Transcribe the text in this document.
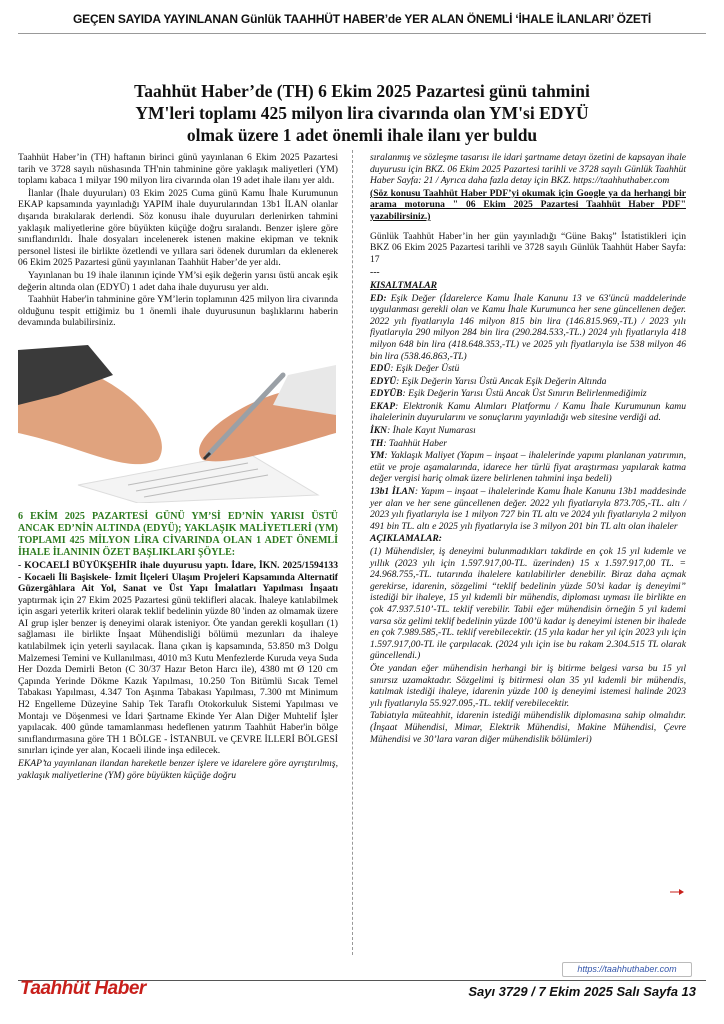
GEÇEN SAYIDA YAYINLANAN Günlük TAAHHÜT HABER’de YER ALAN ÖNEMLİ ‘İHALE İLANLARI’ ÖZETİ
Taahhüt Haber’de (TH) 6 Ekim 2025 Pazartesi günü tahmini
YM'leri toplamı 425 milyon lira civarında olan YM'si EDYÜ
olmak üzere 1 adet önemli ihale ilanı yer buldu

Taahhüt Haber’in (TH) haftanın birinci günü yayınlanan 6 Ekim 2025 Pazartesi tarih ve 3728 sayılı nüshasında TH'nin tahminine göre yaklaşık maliyetleri (YM) toplamı kabaca 1 milyar 190 milyon lira civarında olan 19 adet ihale ilanı yer aldı.

İlanlar (İhale duyuruları) 03 Ekim 2025 Cuma günü Kamu İhale Kurumunun EKAP kapsamında yayınladığı YAPIM ihale duyurularından 13b1 İLAN olanlar dışarıda bırakılarak derlendi. Söz konusu ihale duyuruları derlenirken tahmini yaklaşık maliyetlerine göre büyükten küçüğe doğru sıralandı. Benzer işlere göre sınıflandırıldı. İhale dosyaları incelenerek istenen makine ekipman ve teknik personel listesi ile birlikte özetlendi ve yıllara sari ödenek durumları da eklenerek 06 Ekim 2025 Pazartesi günü yayınlanan Taahhüt Haber’de yer aldı.

Yayınlanan bu 19 ihale ilanının içinde YM’si eşik değerin yarısı üstü ancak eşik değerin altında olan (EDYÜ) 1 adet daha ihale duyurusu yer aldı.

Taahhüt Haber'in tahminine göre YM’lerin toplamının 425 milyon lira civarında olduğunu tespit ettiğimiz bu 1 önemli ihale duyurusunun başlıklarını haberin devamında bulabilirsiniz.

6 EKİM 2025 PAZARTESİ GÜNÜ YM’Sİ ED’NİN YARISI ÜSTÜ ANCAK ED’NİN ALTINDA (EDYÜ); YAKLAŞIK MALİYETLERİ (YM) TOPLAMI 425 MİLYON LİRA CİVARINDA OLAN 1 ADET ÖNEMLİ İHALE İLANININ ÖZET BAŞLIKLARI ŞÖYLE:

- KOCAELİ BÜYÜKŞEHİR ihale duyurusu yaptı. İdare, İKN. 2025/1594133 - Kocaeli İli Başiskele- İzmit İlçeleri Ulaşım Projeleri Kapsamında Alternatif Güzergâhlara Ait Yol, Sanat ve Üst Yapı İmalatları Yapılması İnşaatı yaptırmak için 27 Ekim 2025 Pazartesi günü teklifleri alacak. İhaleye katılabilmek için asgari yeterlik kriteri olarak teklif bedelinin yüzde 80 'inden az olmamak üzere AI grup işler benzer iş deneyimi olarak isteniyor. Öte yandan gerekli koşulları (1) sağlaması ile birlikte İnşaat Mühendisliği bölümü mezunları da ihaleye katılabilmek için yeterli sayılacak. İlana çıkan iş kapsamında, 53.850 m3 Dolgu Malzemesi Temini ve Kullanılması, 4010 m3 Kutu Menfezlerde Kuruda veya Suda Her Dozda Demirli Beton (C 30/37 Hazır Beton Harcı ile), 4380 mt Ø 120 cm Çapında Yerinde Dökme Kazık Yapılması, 10.250 Ton Bitümlü Sıcak Temel Tabakası Yapılması, 4.347 Ton Aşınma Tabakası Yapılması, 7.300 mt Minimum H2 Engelleme Düzeyine Sahip Tek Taraflı Otokorkuluk Sistemi Yapılması ve Montajı ve Döşenmesi ve İdari Şartname Ekinde Yer Alan Diğer Muhtelif İşler yapılacak. 400 günde tamamlanması hedeflenen yatırım Taahhüt Haber'in bölge sınıflandırmasına göre TH 1 BÖLGE - İSTANBUL ve ÇEVRE İLLERİ BÖLGESİ sınırları içinde yer alan, Kocaeli ilinde inşa edilecek.

EKAP’ta yayınlanan ilandan hareketle benzer işlere ve idarelere göre ayrıştırılmış, yaklaşık maliyetlerine (YM) göre büyükten küçüğe doğru

sıralanmış ve sözleşme tasarısı ile idari şartname detayı özetini de kapsayan ihale duyurusu için BKZ. 06 Ekim 2025 Pazartesi tarihli ve 3728 sayılı Günlük Taahhüt Haber Sayfa: 21 / Ayrıca daha fazla detay için BKZ. https://taahhuthaber.com

(Söz konusu Taahhüt Haber PDF’yi okumak için Google ya da herhangi bir arama motoruna " 06 Ekim 2025 Pazartesi Taahhüt Haber PDF" yazabilirsiniz.)

Günlük Taahhüt Haber’in her gün yayınladığı “Güne Bakış” İstatistikleri için BKZ 06 Ekim 2025 Pazartesi tarihli ve 3728 sayılı Günlük Taahhüt Haber Sayfa: 17

---

KISALTMALAR

ED: Eşik Değer (İdarelerce Kamu İhale Kanunu 13 ve 63'üncü maddelerinde uygulanması gerekli olan ve Kamu İhale Kurumunca her sene güncellenen değer. 2022 yılı fiyatlarıyla 146 milyon 815 bin lira (146.815.969,-TL) / 2023 yılı fiyatlarıyla 290 milyon 284 bin lira (290.284.533,-TL.) 2024 yılı fiyatlarıyla 418 milyon 648 bin lira (418.648.353,-TL) ve 2025 yılı fiyatlarıyla ise 538 milyon 46 bin lira (538.46.863,-TL)

EDÜ: Eşik Değer Üstü

EDYÜ: Eşik Değerin Yarısı Üstü Ancak Eşik Değerin Altında

EDYÜB: Eşik Değerin Yarısı Üstü Ancak Üst Sınırın Belirlenmediğimiz

EKAP: Elektronik Kamu Alımları Platformu / Kamu İhale Kurumunun kamu ihalelerinin duyurularını ve sonuçlarını yayınladığı web sitesine verdiği ad.

İKN: İhale Kayıt Numarası

TH: Taahhüt Haber

YM: Yaklaşık Maliyet (Yapım – inşaat – ihalelerinde yapımı planlanan yatırımın, etüt ve proje aşamalarında, idarece her türlü fiyat araştırması yapılarak katma değer vergisi hariç olmak üzere belirlenen tahmini inşa bedeli)

13b1 İLAN: Yapım – inşaat – ihalelerinde Kamu İhale Kanunu 13b1 maddesinde yer alan ve her sene güncellenen değer. 2022 yılı fiyatlarıyla 873.705,-TL. altı / 2023 yılı fiyatlarıyla ise 1 milyon 727 bin TL altı ve 2024 yılı fiyatlarıyla 2 milyon 491 bin TL. altı e 2025 yılı fiyatlarıyla ise 3 milyon 201 bin TL altı olan ihaleler

AÇIKLAMALAR:

(1) Mühendisler, iş deneyimi bulunmadıkları takdirde en çok 15 yıl kıdemle ve yıllık (2023 yılı için 1.597.917,00-TL. üzerinden) 15 x 1.597.917,00 TL. = 24.968.755,-TL. tutarında ihalelere katılabilirler denebilir. Biraz daha açmak gerekirse, idarenin, sözgelimi “teklif bedelinin yüzde 50’si kadar iş deneyimi” istediği bir ihaleye, 15 yıl kıdemli bir mühendis, diploması uyması ile birlikte en çok 47.937.510’-TL. teklif verebilir. Tabii eğer mühendisin örneğin 5 yıl kıdemi varsa söz gelimi teklif bedelinin yüzde 100’ü kadar iş deneyimi istenen bir ihalede en çok 7.989.585,-TL. teklif verebilecektir. (15 yıla kadar her yıl için 2023 yılı için 1.597.917,00-TL ile çarpılacak. (2024 yılı için ise bu rakam 2.304.515 TL olarak güncellendi.)

Öte yandan eğer mühendisin herhangi bir iş bitirme belgesi varsa bu 15 yıl sınırsız uzamaktadır. Sözgelimi iş bitirmesi olan 35 yıl kıdemli bir mühendis, katılmak istediği ihaleye, idarenin yüzde 100 iş deneyimi istemesi halinde 2023 yılı fiyatlarıyla 55.927.095,-TL. teklif verebilecektir.

Tabiatıyla müteahhit, idarenin istediği mühendislik diplomasına sahip olmalıdır. (İnşaat Mühendisi, Mimar, Elektrik Mühendisi, Makine Mühendisi, Çevre Mühendisi ve 30’lara varan diğer mühendislik bölümleri)

https://taahhuthaber.com
Taahhüt Haber	Sayı 3729 / 7 Ekim 2025 Salı Sayfa 13
